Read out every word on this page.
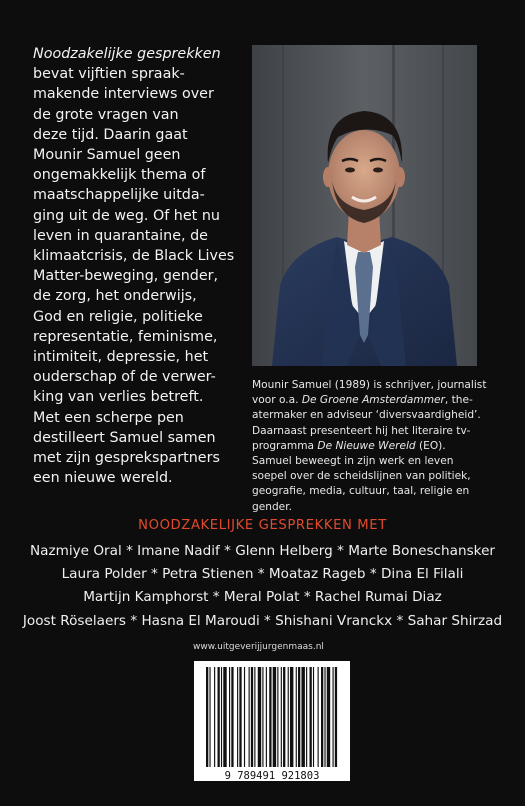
Noodzakelijke gesprekken
bevat vijftien spraak-
makende interviews over
de grote vragen van
deze tijd. Daarin gaat
Mounir Samuel geen
ongemakkelijk thema of
maatschappelijke uitda-
ging uit de weg. Of het nu
leven in quarantaine, de
klimaatcrisis, de Black Lives
Matter-beweging, gender,
de zorg, het onderwijs,
God en religie, politieke
representatie, feminisme,
intimiteit, depressie, het
ouderschap of de verwer-
king van verlies betreft.
Met een scherpe pen
destilleert Samuel samen
met zijn gesprekspartners
een nieuwe wereld.
Mounir Samuel (1989) is schrijver, journalist voor o.a. De Groene Amsterdammer, the-atermaker en adviseur ‘diversvaardigheid’. Daarnaast presenteert hij het literaire tv-programma De Nieuwe Wereld (EO). Samuel beweegt in zijn werk en leven soepel over de scheidslijnen van politiek, geografie, media, cultuur, taal, religie en gender.
NOODZAKELIJKE GESPREKKEN MET
Nazmiye Oral * Imane Nadif * Glenn Helberg * Marte Boneschansker
Laura Polder * Petra Stienen * Moataz Rageb * Dina El Filali
Martijn Kamphorst * Meral Polat * Rachel Rumai Diaz
Joost Röselaers * Hasna El Maroudi * Shishani Vranckx * Sahar Shirzad
www.uitgeverijjurgenmaas.nl
9 789491 921803
